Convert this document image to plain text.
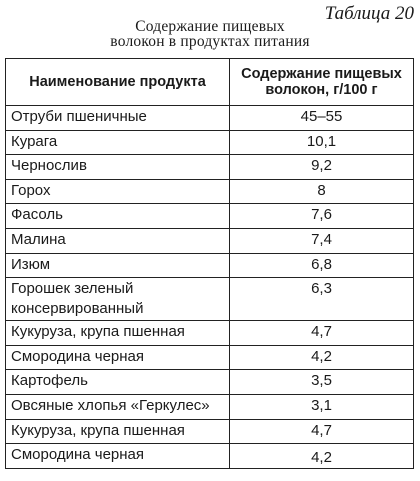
Таблица 20
Содержание пищевых
волокон в продуктах питания
Наименование продукта	Содержание пищевых
волокон, г/100 г
Отруби пшеничные	45–55
Курага	10,1
Чернослив	9,2
Горох	8
Фасоль	7,6
Малина	7,4
Изюм	6,8
Горошек зеленый
консервированный	6,3
Кукуруза, крупа пшенная	4,7
Смородина черная	4,2
Картофель	3,5
Овсяные хлопья «Геркулес»	3,1
Кукуруза, крупа пшенная	4,7
Смородина черная	4,2
